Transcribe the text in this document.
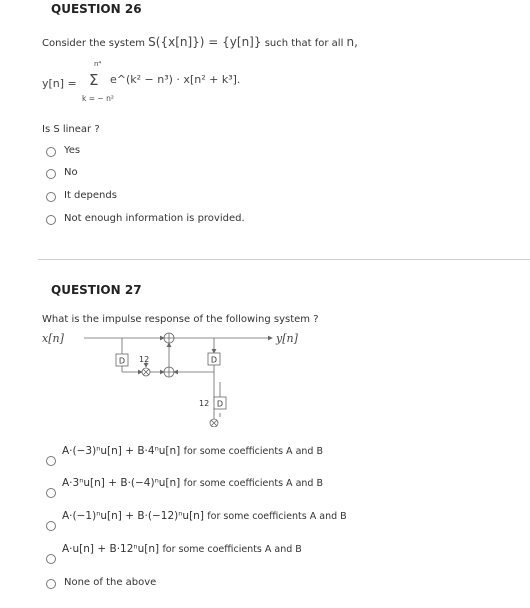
QUESTION 26
Consider the system S({x[n]}) = {y[n]} such that for all n,
y[n] =
n⁴
Σ
k = − n²
e^(k² − n³) · x[n² + k³].
Is S linear ?
Yes
No
It depends
Not enough information is provided.
QUESTION 27
What is the impulse response of the following system ?
D	D
D
12
12
x[n]	y[n]
A·(−3)ⁿu[n] + B·4ⁿu[n] for some coefficients A and B
A·3ⁿu[n] + B·(−4)ⁿu[n] for some coefficients A and B
A·(−1)ⁿu[n] + B·(−12)ⁿu[n] for some coefficients A and B
A·u[n] + B·12ⁿu[n] for some coefficients A and B
None of the above
